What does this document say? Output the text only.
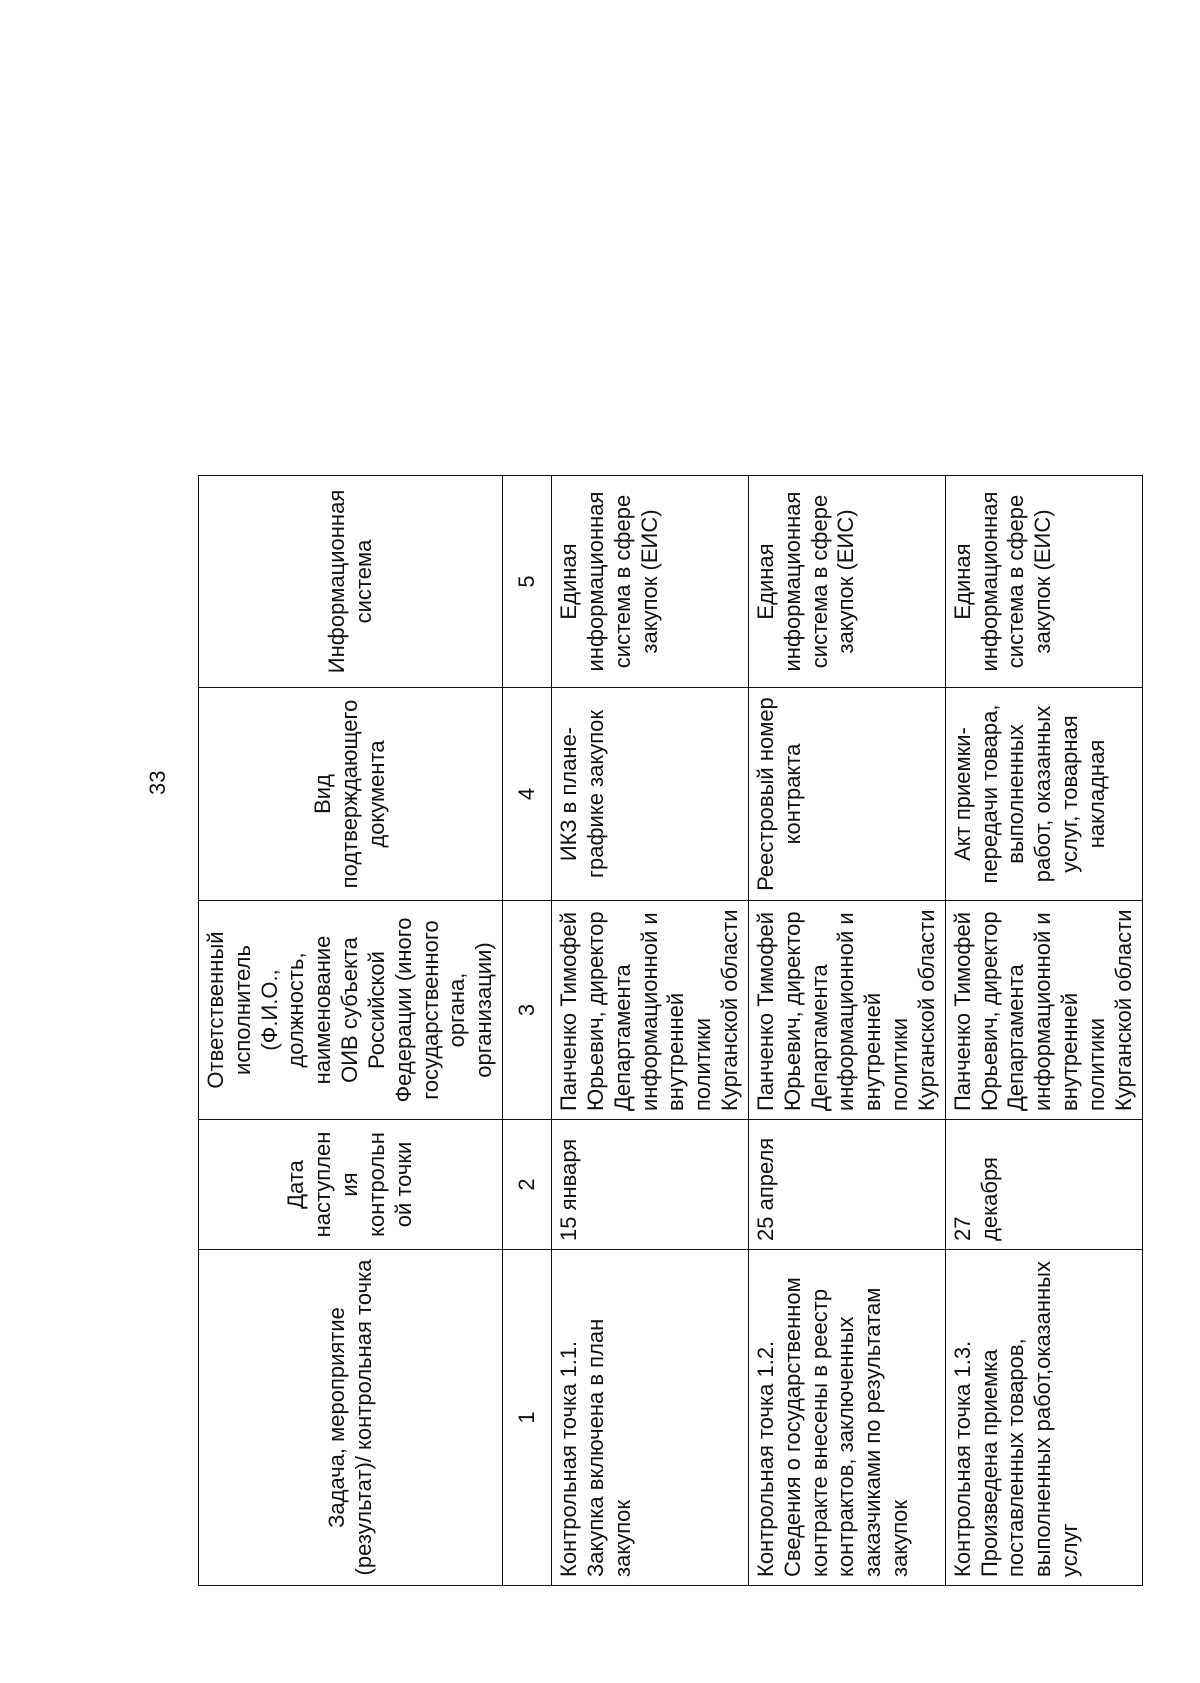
33
Задача, мероприятие (результат)/ контрольная точка	Дата наступления контрольной точки	Ответственный исполнитель (Ф.И.О., должность, наименование ОИВ субъекта Российской Федерации (иного государственного органа, организации)	Вид подтверждающего документа	Информационная система
1	2	3	4	5
Контрольная точка 1.1. Закупка включена в план закупок	15 января	Панченко Тимофей Юрьевич, директор Департамента информационной и внутренней политики Курганской области	ИКЗ в плане-графике закупок	Единая информационная система в сфере закупок (ЕИС)
Контрольная точка 1.2. Сведения о государственном контракте внесены в реестр контрактов, заключенных заказчиками по результатам закупок	25 апреля	Панченко Тимофей Юрьевич, директор Департамента информационной и внутренней политики Курганской области	Реестровый номер контракта	Единая информационная система в сфере закупок (ЕИС)
Контрольная точка 1.3. Произведена приемка поставленных товаров, выполненных работ,оказанных услуг	27 декабря	Панченко Тимофей Юрьевич, директор Департамента информационной и внутренней политики Курганской области	Акт приемки-передачи товара, выполненных работ, оказанных услуг, товарная накладная	Единая информационная система в сфере закупок (ЕИС)
